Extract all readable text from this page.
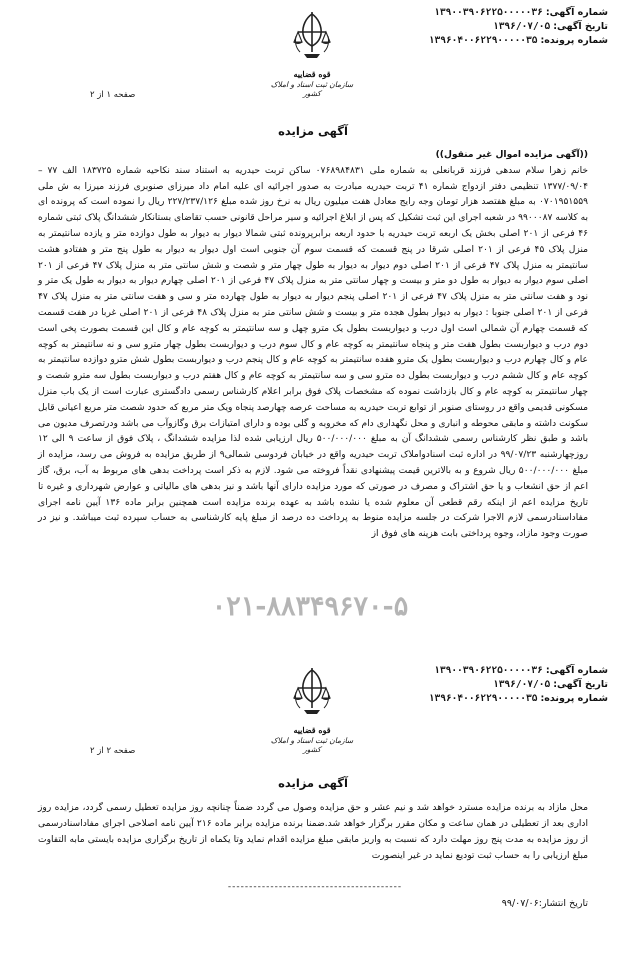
شماره آگهی: ۱۳۹۰۰۳۹۰۶۲۲۵۰۰۰۰۰۳۶
تاریخ آگهی: ۱۳۹۶/۰۷/۰۵
شماره پرونده: ۱۳۹۶۰۴۰۰۶۲۲۹۰۰۰۰۰۳۵
قوه قضاییه
سازمان ثبت اسناد و املاک کشور
صفحه ۱ از ۲
آگهی مزایده
((آگهی مزایده اموال غیر منقول))
خانم زهرا سلام سدهی فرزند قربانعلی به شماره ملی ۰۷۶۸۹۸۴۸۳۱ ساکن تربت حیدریه به استناد سند نکاحیه شماره ۱۸۳۷۲۵ الف ۷۷ – ۱۳۷۷/۰۹/۰۴ تنظیمی دفتر ازدواج شماره ۴۱ تربت حیدریه مبادرت به صدور اجرائیه ای علیه امام داد میرزای صنوبری فرزند میرزا به ش ملی ۰۷۰۱۹۵۱۵۵۹ به مبلغ هفتصد هزار تومان وجه رایج معادل هفت میلیون ریال به نرخ روز شده مبلغ ۲۲۷/۲۳۷/۱۲۶ ریال را نموده است که پرونده ای به کلاسه ۹۹۰۰۰۸۷ در شعبه اجرای این ثبت تشکیل که پس از ابلاغ اجرائیه و سیر مراحل قانونی حسب تقاضای بستانکار ششدانگ پلاک ثبتی شماره ۴۶ فرعی از ۲۰۱ اصلی بخش یک اربعه تربت حیدریه با حدود اربعه برابرپرونده ثبتی شمالا دیوار به دیوار به طول دوازده متر و یازده سانتیمتر به منزل پلاک ۴۵ فرعی از ۲۰۱ اصلی شرقا در پنج قسمت که قسمت سوم آن جنوبی است اول دیوار به دیوار به طول پنج متر و هفتادو هشت سانتیمتر به منزل پلاک ۴۷ فرعی از ۲۰۱ اصلی دوم دیوار به دیوار به طول چهار متر و شصت و شش سانتی متر به منزل پلاک ۴۷ فرعی از ۲۰۱ اصلی سوم دیوار به دیوار به طول دو متر و بیست و چهار سانتی متر به منزل پلاک ۴۷ فرعی از ۲۰۱ اصلی چهارم دیوار به دیوار به طول یک متر و نود و هفت سانتی متر به منزل پلاک ۴۷ فرعی از ۲۰۱ اصلی پنجم دیوار به دیوار به طول چهارده متر و سی و هفت سانتی متر به منزل پلاک ۴۷ فرعی از ۲۰۱ اصلی جنوبا : دیوار به دیوار بطول هجده متر و بیست و شش سانتی متر به منزل پلاک ۴۸ فرعی از ۲۰۱ اصلی غربا در هفت قسمت که قسمت چهارم آن شمالی است اول درب و دیواربست بطول یک مترو چهل و سه سانتیمتر به کوچه عام و کال این قسمت بصورت پخی است دوم درب و دیواربست بطول هفت متر و پنجاه سانتیمتر به کوچه عام و کال سوم درب و دیواربست بطول چهار مترو سی و نه سانتیمتر به کوچه عام و کال چهارم درب و دیواربست بطول یک مترو هفده سانتیمتر به کوچه عام و کال پنجم درب و دیواربست بطول شش مترو دوازده سانتیمتر به کوچه عام و کال ششم درب و دیواربست بطول ده مترو سی و سه سانتیمتر به کوچه عام و کال هفتم درب و دیواربست بطول سه مترو شصت و چهار سانتیمتر به کوچه عام و کال بازداشت نموده که مشخصات پلاک فوق برابر اعلام کارشناس رسمی دادگستری عبارت است از یک باب منزل مسکونی قدیمی واقع در روستای صنوبر از توابع تربت حیدریه به مساحت عرصه چهارصد پنجاه ویک متر مربع که حدود شصت متر مربع اعیانی قابل سکونت داشته و مابقی محوطه و انباری و محل نگهداری دام که مخروبه و گلی بوده و دارای امتیازات برق وگازوآب می باشد ودرتصرف مدیون می باشد و طبق نظر کارشناس رسمی ششدانگ آن به مبلغ ۵۰۰/۰۰۰/۰۰۰ ریال ارزیابی شده لذا مزایده ششدانگ ، پلاک فوق از ساعت ۹ الی ۱۲ روزچهارشنبه ۹۹/۰۷/۲۳ در اداره ثبت اسنادواملاک تربت حیدریه واقع در خیابان فردوسی شمالی۹ از طریق مزایده به فروش می رسد، مزایده از مبلغ ۵۰۰/۰۰۰/۰۰۰ ریال شروع و به بالاترین قیمت پیشنهادی نقداً فروخته می شود. لازم به ذکر است پرداخت بدهی های مربوط به آب، برق، گاز اعم از حق انشعاب و یا حق اشتراک و مصرف در صورتی که مورد مزایده دارای آنها باشد و نیز بدهی های مالیاتی و عوارض شهرداری و غیره تا تاریخ مزایده اعم از اینکه رقم قطعی آن معلوم شده یا نشده باشد به عهده برنده مزایده است همچنین برابر ماده ۱۳۶ آیین نامه اجرای مفاداسنادرسمی لازم الاجرا شرکت در جلسه مزایده منوط به پرداخت ده درصد از مبلغ پایه کارشناسی به حساب سپرده ثبت میباشد. و نیز در صورت وجود مازاد، وجوه پرداختی بابت هزینه های فوق از
۰۲۱-۸۸۳۴۹۶۷۰-۵
شماره آگهی: ۱۳۹۰۰۳۹۰۶۲۲۵۰۰۰۰۰۳۶
تاریخ آگهی: ۱۳۹۶/۰۷/۰۵
شماره پرونده: ۱۳۹۶۰۴۰۰۶۲۲۹۰۰۰۰۰۳۵
قوه قضاییه
سازمان ثبت اسناد و املاک کشور
صفحه ۲ از ۲
آگهی مزایده
محل مازاد به برنده مزایده مسترد خواهد شد و نیم عشر و حق مزایده وصول می گردد ضمناً چنانچه روز مزایده تعطیل رسمی گردد، مزایده روز اداری بعد از تعطیلی در همان ساعت و مکان مقرر برگزار خواهد شد.ضمنا برنده مزایده برابر ماده ۲۱۶ آیین نامه اصلاحی اجرای مفاداسنادرسمی از روز مزایده به مدت پنج روز مهلت دارد که نسبت به واریز مابقی مبلغ مزایده اقدام نماید وتا یکماه از تاریخ برگزاری مزایده بایستی مابه التفاوت مبلغ ارزیابی را به حساب ثبت تودیع نماید در غیر اینصورت
-----------------------------------------
تاریخ انتشار:۹۹/۰۷/۰۶
